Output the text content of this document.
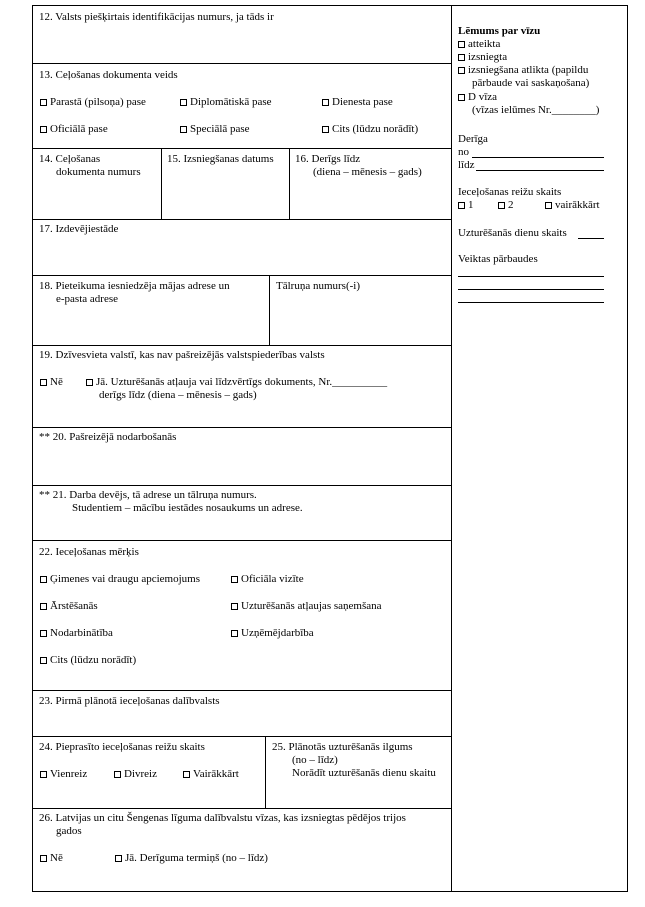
12. Valsts piešķirtais identifikācijas numurs, ja tāds ir
13. Ceļošanas dokumenta veids
Parastā (pilsoņa) pase	Diplomātiskā pase	Dienesta pase
Oficiālā pase	Speciālā pase	Cits (lūdzu norādīt)
14. Ceļošanas
dokumenta numurs
15. Izsniegšanas datums 16. Derīgs līdz
(diena – mēnesis – gads)
17. Izdevējiestāde
18. Pieteikuma iesniedzēja mājas adrese un
e-pasta adrese
Tālruņa numurs(-i)
19. Dzīvesvieta valstī, kas nav pašreizējās valstspiederības valsts
Nē	Jā. Uzturēšanās atļauja vai līdzvērtīgs dokuments, Nr.__________
derīgs līdz (diena – mēnesis – gads)
** 20. Pašreizējā nodarbošanās
** 21. Darba devējs, tā adrese un tālruņa numurs.
Studentiem – mācību iestādes nosaukums un adrese.
22. Ieceļošanas mērķis
Ģimenes vai draugu apciemojums	Oficiāla vizīte
Ārstēšanās	Uzturēšanās atļaujas saņemšana
Nodarbinātība	Uzņēmējdarbība
Cits (lūdzu norādīt)
23. Pirmā plānotā ieceļošanas dalībvalsts
24. Pieprasīto ieceļošanas reižu skaits
Vienreiz	Divreiz	Vairākkārt
25. Plānotās uzturēšanās ilgums
(no – līdz)
Norādīt uzturēšanās dienu skaitu
26. Latvijas un citu Šengenas līguma dalībvalstu vīzas, kas izsniegtas pēdējos trijos
gados
Nē	Jā. Derīguma termiņš (no – līdz)
Lēmums par vīzu
atteikta
izsniegta
izsniegšana atlikta (papildu
pārbaude vai saskaņošana)
D vīza
(vīzas ielūmes Nr.________)
Derīga
no
līdz
Ieceļošanas reižu skaits
1	2	vairākkārt
Uzturēšanās dienu skaits
Veiktas pārbaudes
